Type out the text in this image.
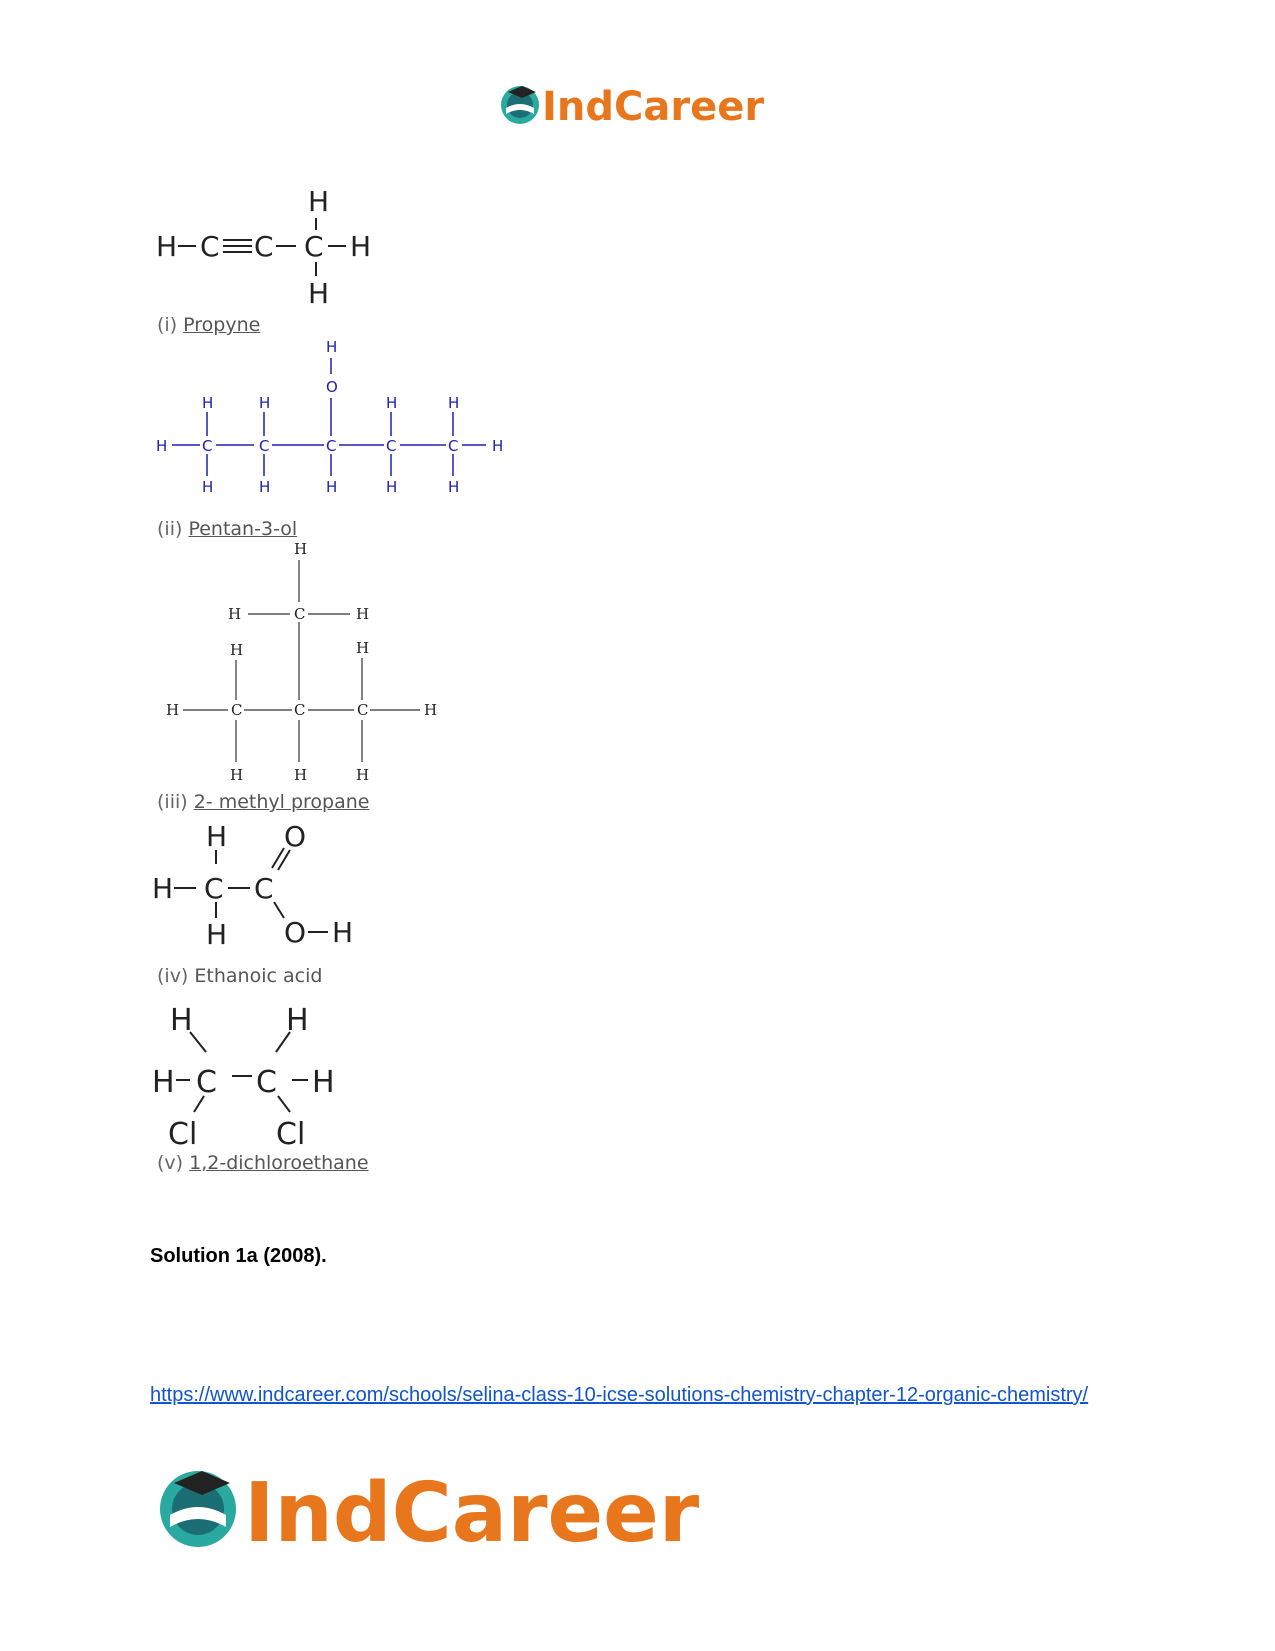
IndCareer
H
H C C C H
H
(i) Propyne
H
O
H	H	H	H
H C	C	C	C	C H
H	H	H	H	H
(ii) Pentan-3-ol
H
H	C	H
H	H
H	C	C	C	H
H	H	H
(iii) 2- methyl propane
H O
H C C
H O H
(iv) Ethanoic acid
H	H
H C C H
Cl	Cl
(v) 1,2-dichloroethane
Solution 1a (2008).
https://www.indcareer.com/schools/selina-class-10-icse-solutions-chemistry-chapter-12-organic-chemistry/
IndCareer
